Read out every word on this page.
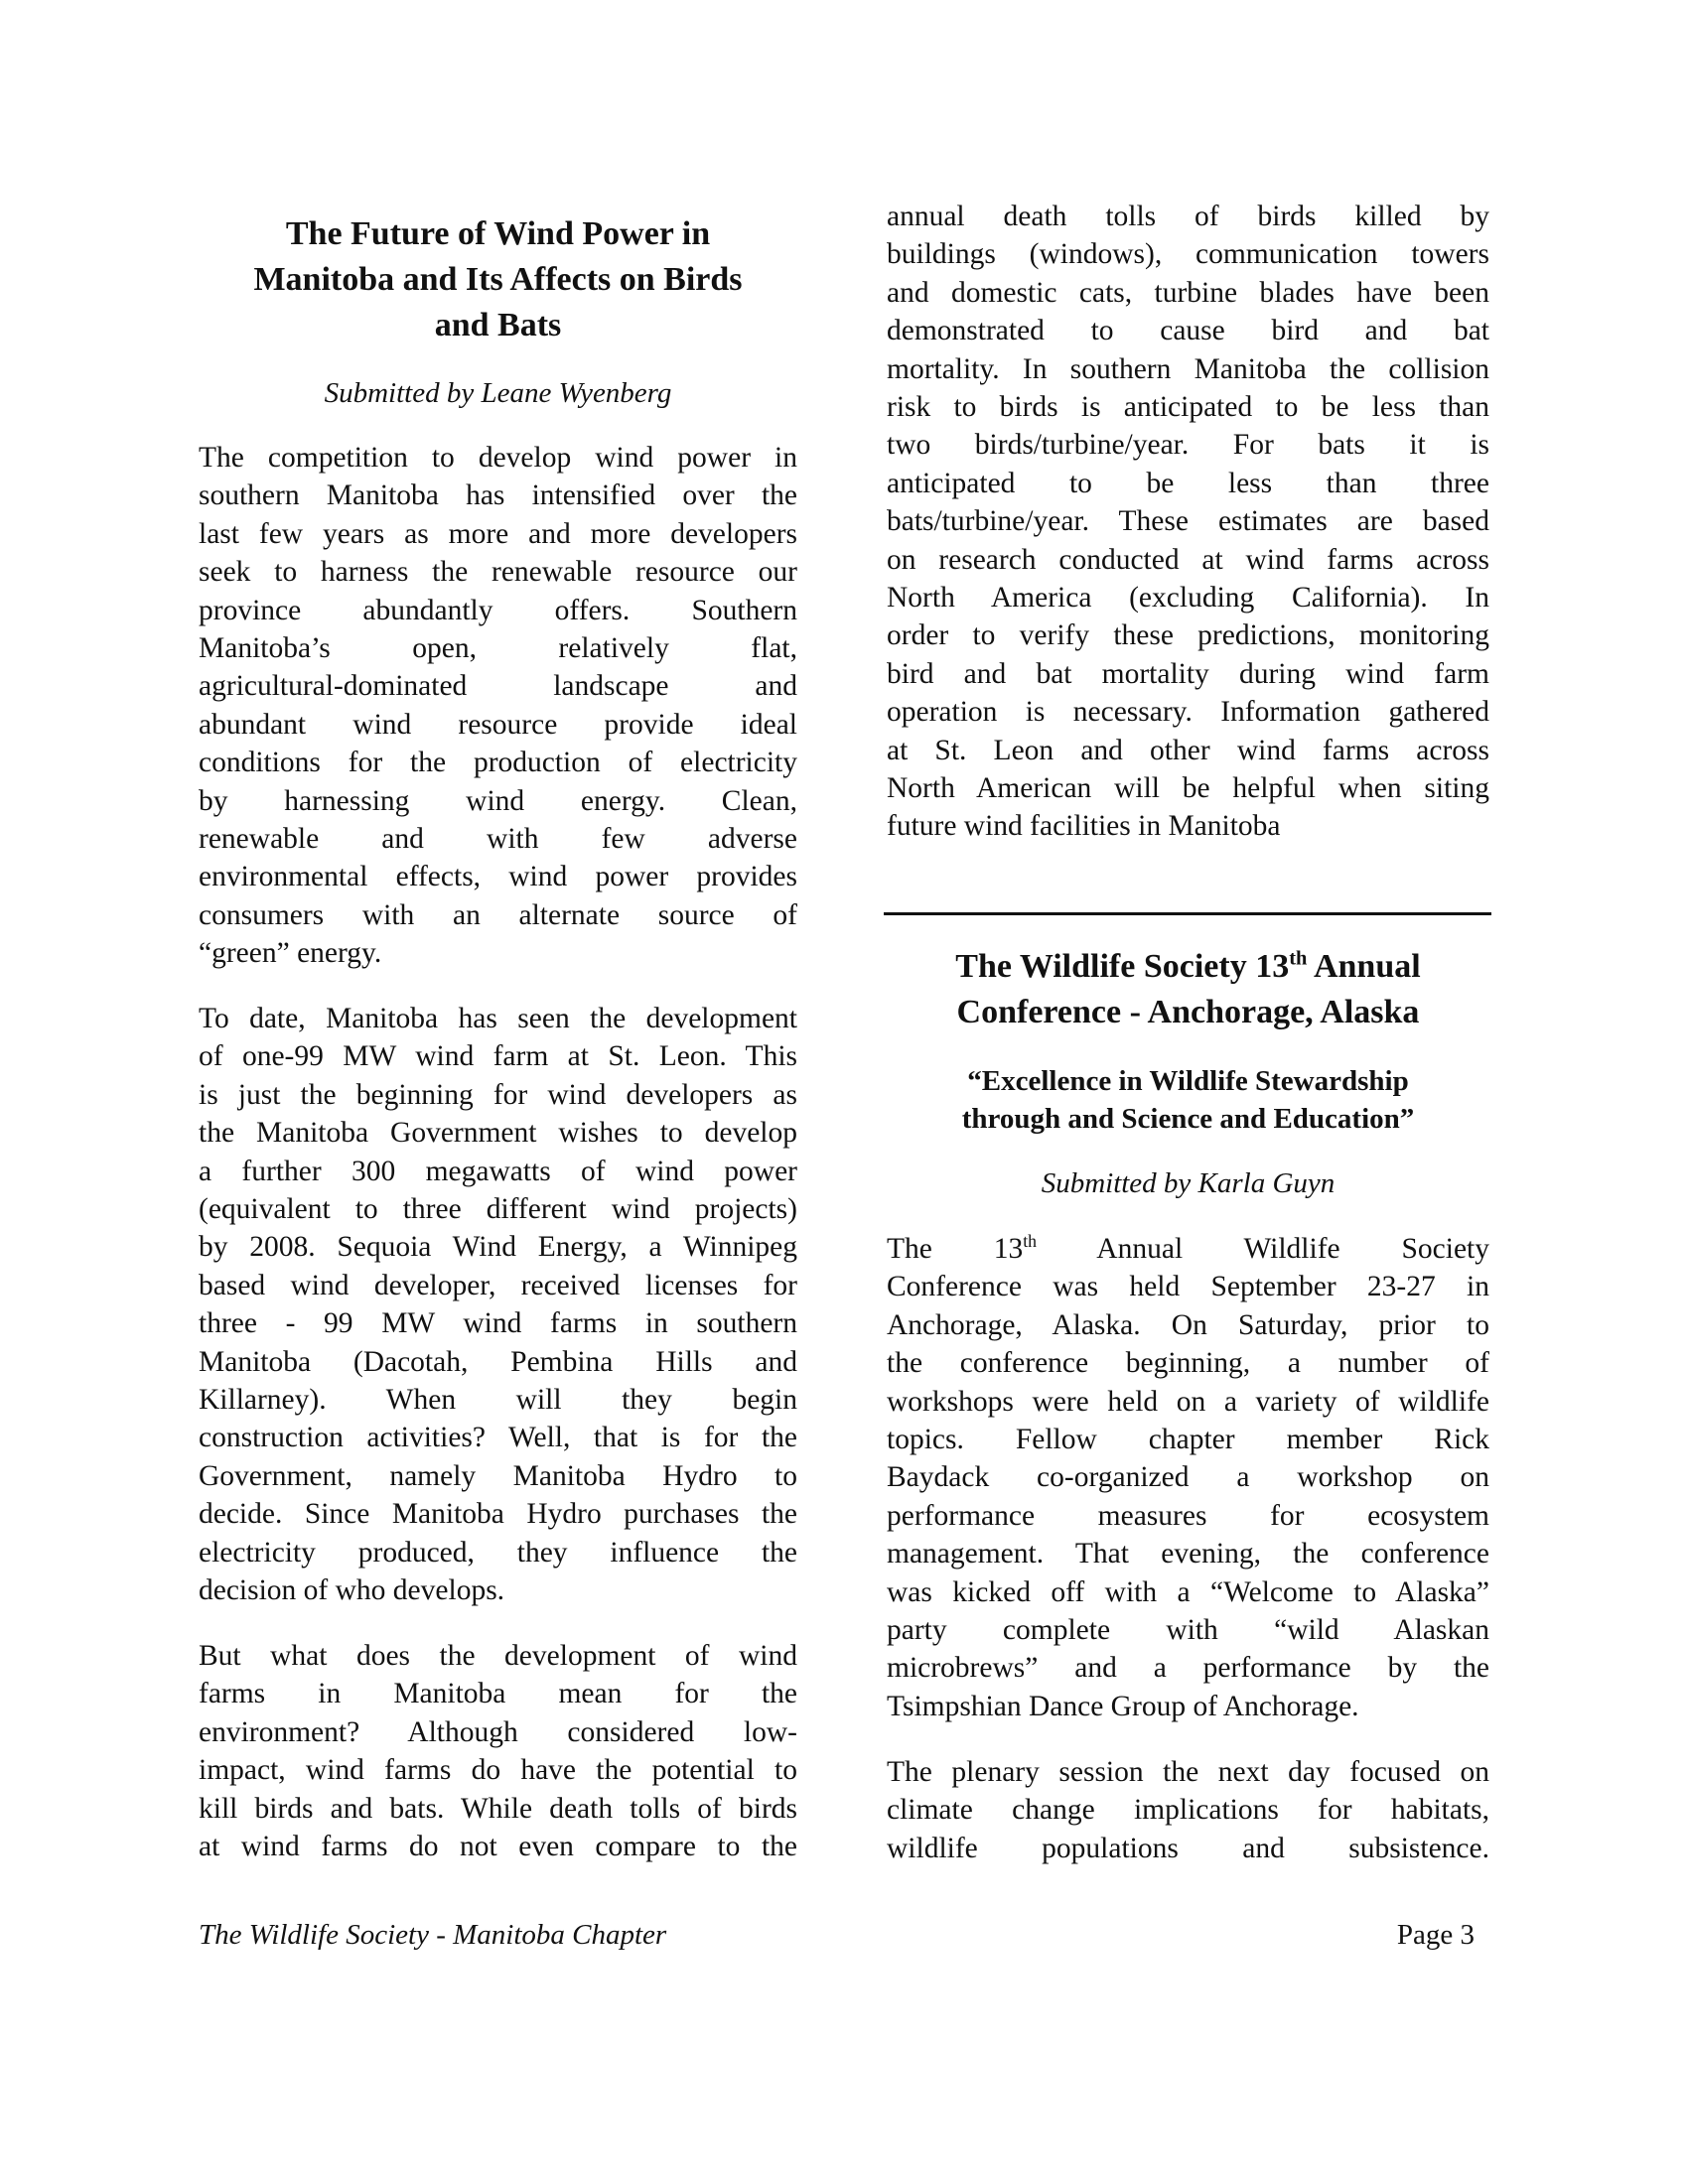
The Future of Wind Power in
Manitoba and Its Affects on Birds
and Bats
Submitted by Leane Wyenberg
The competition to develop wind power in
southern Manitoba has intensified over the
last few years as more and more developers
seek to harness the renewable resource our
province abundantly offers. Southern
Manitoba’s open, relatively flat,
agricultural-dominated landscape and
abundant wind resource provide ideal
conditions for the production of electricity
by harnessing wind energy. Clean,
renewable and with few adverse
environmental effects, wind power provides
consumers with an alternate source of
“green” energy.
To date, Manitoba has seen the development
of one-99 MW wind farm at St. Leon. This
is just the beginning for wind developers as
the Manitoba Government wishes to develop
a further 300 megawatts of wind power
(equivalent to three different wind projects)
by 2008. Sequoia Wind Energy, a Winnipeg
based wind developer, received licenses for
three - 99 MW wind farms in southern
Manitoba (Dacotah, Pembina Hills and
Killarney). When will they begin
construction activities? Well, that is for the
Government, namely Manitoba Hydro to
decide. Since Manitoba Hydro purchases the
electricity produced, they influence the
decision of who develops.
But what does the development of wind
farms in Manitoba mean for the
environment? Although considered low-
impact, wind farms do have the potential to
kill birds and bats. While death tolls of birds
at wind farms do not even compare to the
annual death tolls of birds killed by
buildings (windows), communication towers
and domestic cats, turbine blades have been
demonstrated to cause bird and bat
mortality. In southern Manitoba the collision
risk to birds is anticipated to be less than
two birds/turbine/year. For bats it is
anticipated to be less than three
bats/turbine/year. These estimates are based
on research conducted at wind farms across
North America (excluding California). In
order to verify these predictions, monitoring
bird and bat mortality during wind farm
operation is necessary. Information gathered
at St. Leon and other wind farms across
North American will be helpful when siting
future wind facilities in Manitoba
The Wildlife Society 13th Annual
Conference - Anchorage, Alaska
“Excellence in Wildlife Stewardship
through and Science and Education”
Submitted by Karla Guyn
The 13th Annual Wildlife Society
Conference was held September 23-27 in
Anchorage, Alaska. On Saturday, prior to
the conference beginning, a number of
workshops were held on a variety of wildlife
topics. Fellow chapter member Rick
Baydack co-organized a workshop on
performance measures for ecosystem
management. That evening, the conference
was kicked off with a “Welcome to Alaska”
party complete with “wild Alaskan
microbrews” and a performance by the
Tsimpshian Dance Group of Anchorage.
The plenary session the next day focused on
climate change implications for habitats,
wildlife populations and subsistence.
The Wildlife Society - Manitoba Chapter	Page 3
